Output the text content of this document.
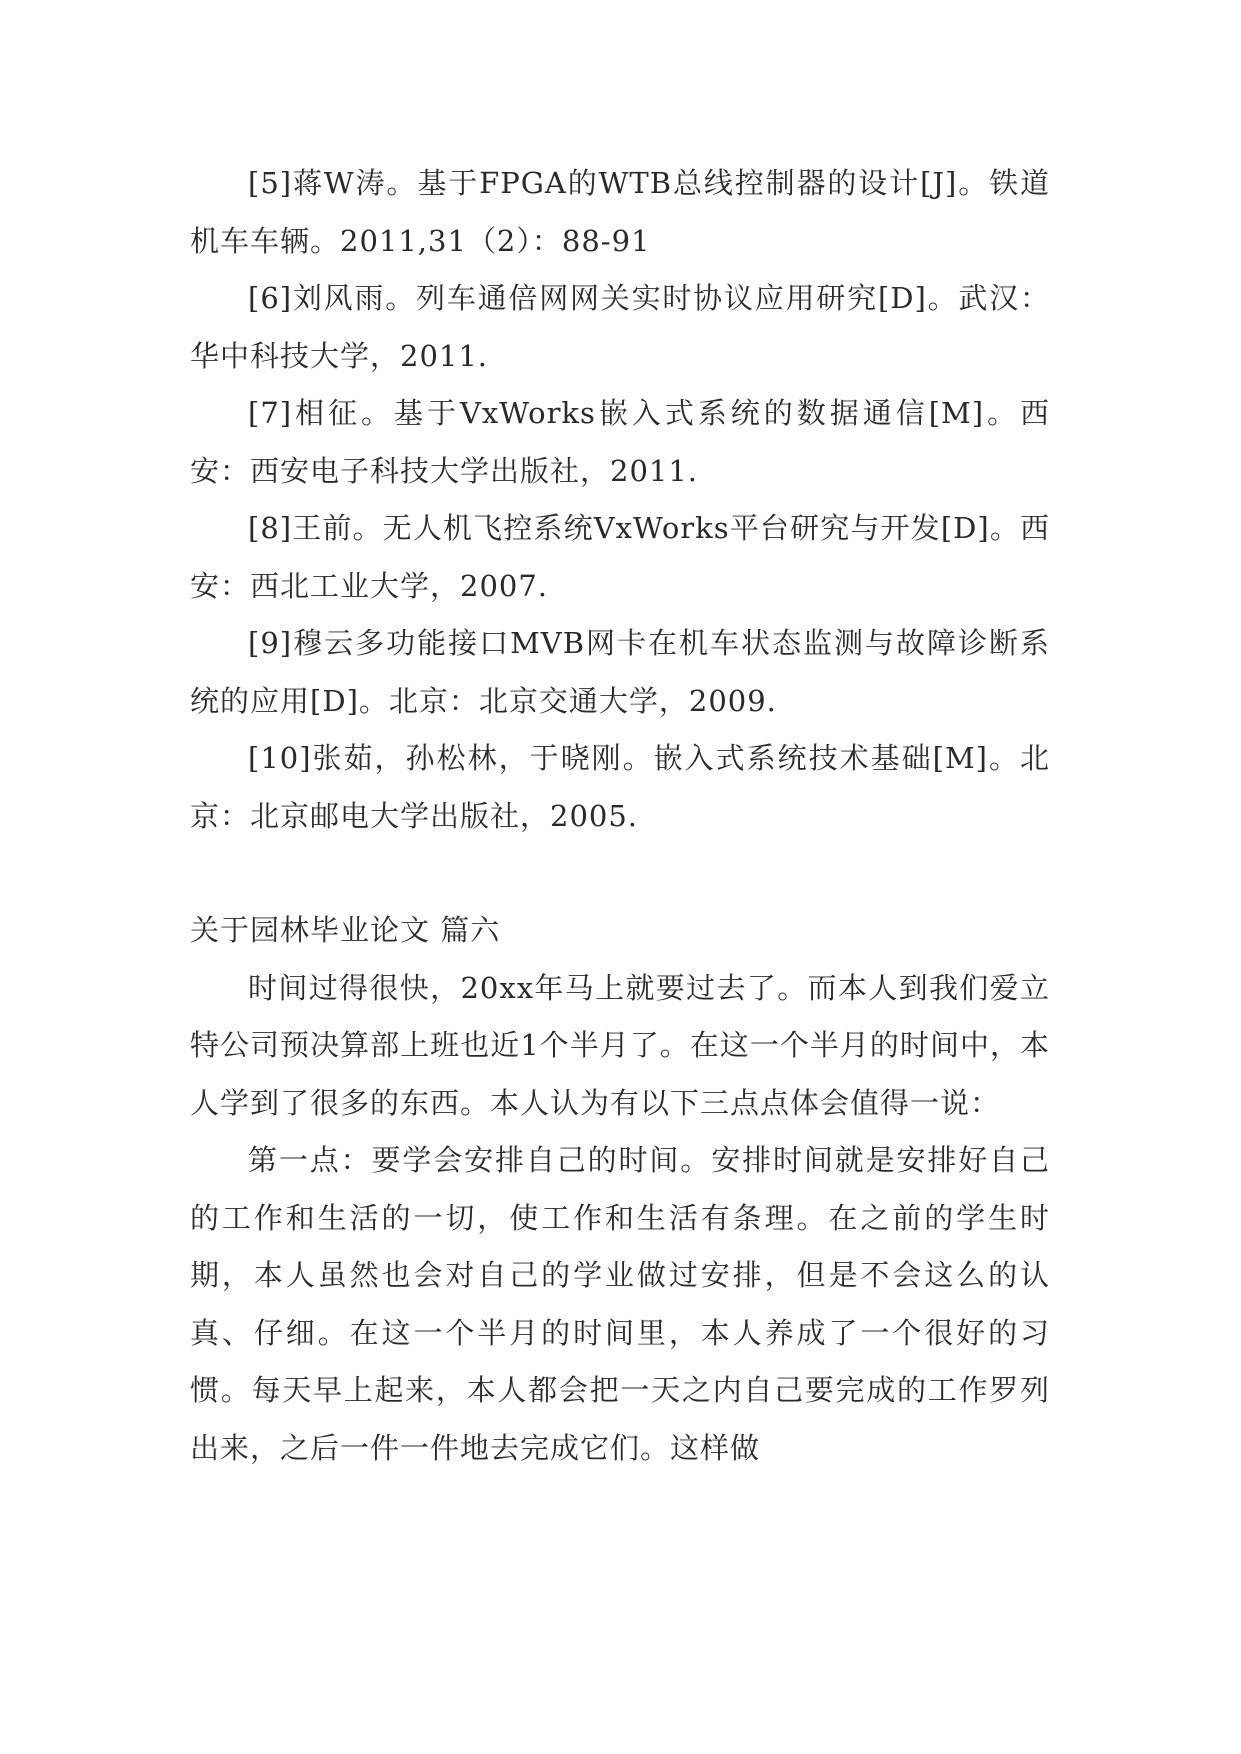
[5]蒋W涛。基于FPGA的WTB总线控制器的设计[J]。铁道机车车辆。2011,31（2）：88-91

[6]刘风雨。列车通倍网网关实时协议应用研究[D]。武汉：华中科技大学，2011.

[7]相征。基于VxWorks嵌入式系统的数据通信[M]。西安：西安电子科技大学出版社，2011.

[8]王前。无人机飞控系统VxWorks平台研究与开发[D]。西安：西北工业大学，2007.

[9]穆云多功能接口MVB网卡在机车状态监测与故障诊断系统的应用[D]。北京：北京交通大学，2009.

[10]张茹，孙松林，于晓刚。嵌入式系统技术基础[M]。北京：北京邮电大学出版社，2005.

关于园林毕业论文 篇六

时间过得很快，20xx年马上就要过去了。而本人到我们爱立特公司预决算部上班也近1个半月了。在这一个半月的时间中，本人学到了很多的东西。本人认为有以下三点点体会值得一说：

第一点：要学会安排自己的时间。安排时间就是安排好自己的工作和生活的一切，使工作和生活有条理。在之前的学生时期，本人虽然也会对自己的学业做过安排，但是不会这么的认真、仔细。在这一个半月的时间里，本人养成了一个很好的习惯。每天早上起来，本人都会把一天之内自己要完成的工作罗列出来，之后一件一件地去完成它们。这样做
